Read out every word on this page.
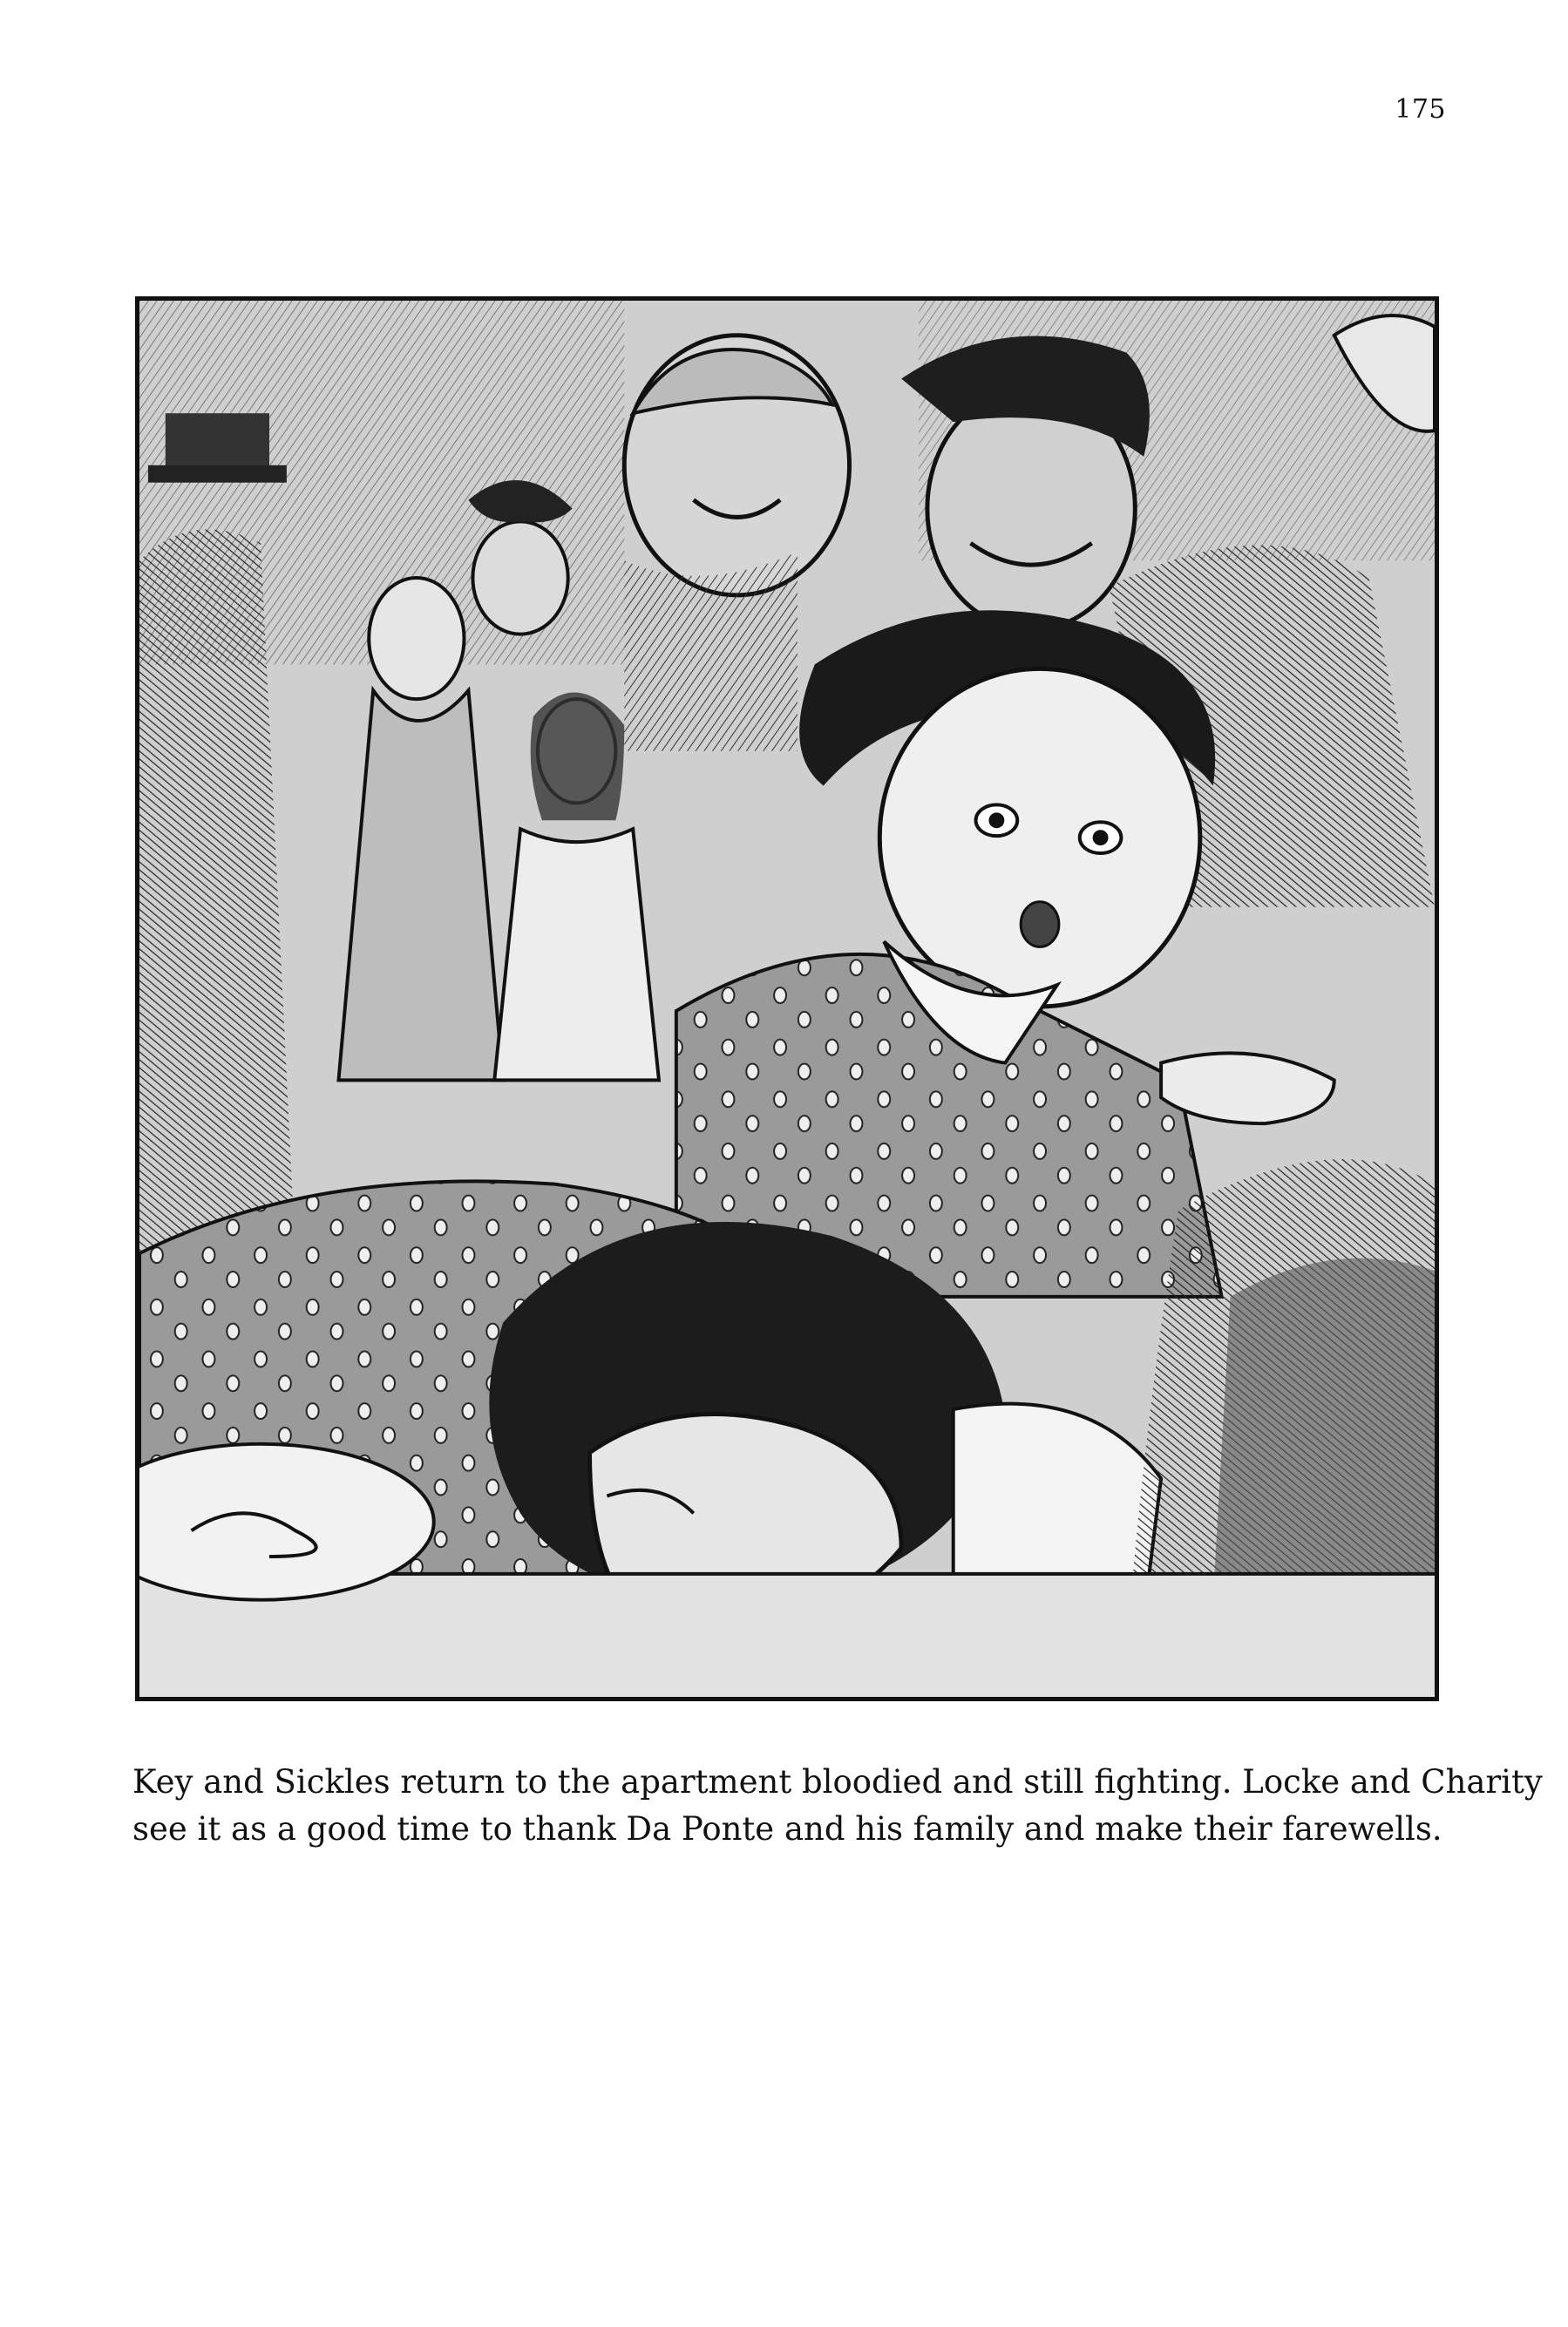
175

Key and Sickles return to the apartment bloodied and still fighting. Locke and Charity

see it as a good time to thank Da Ponte and his family and make their farewells.
